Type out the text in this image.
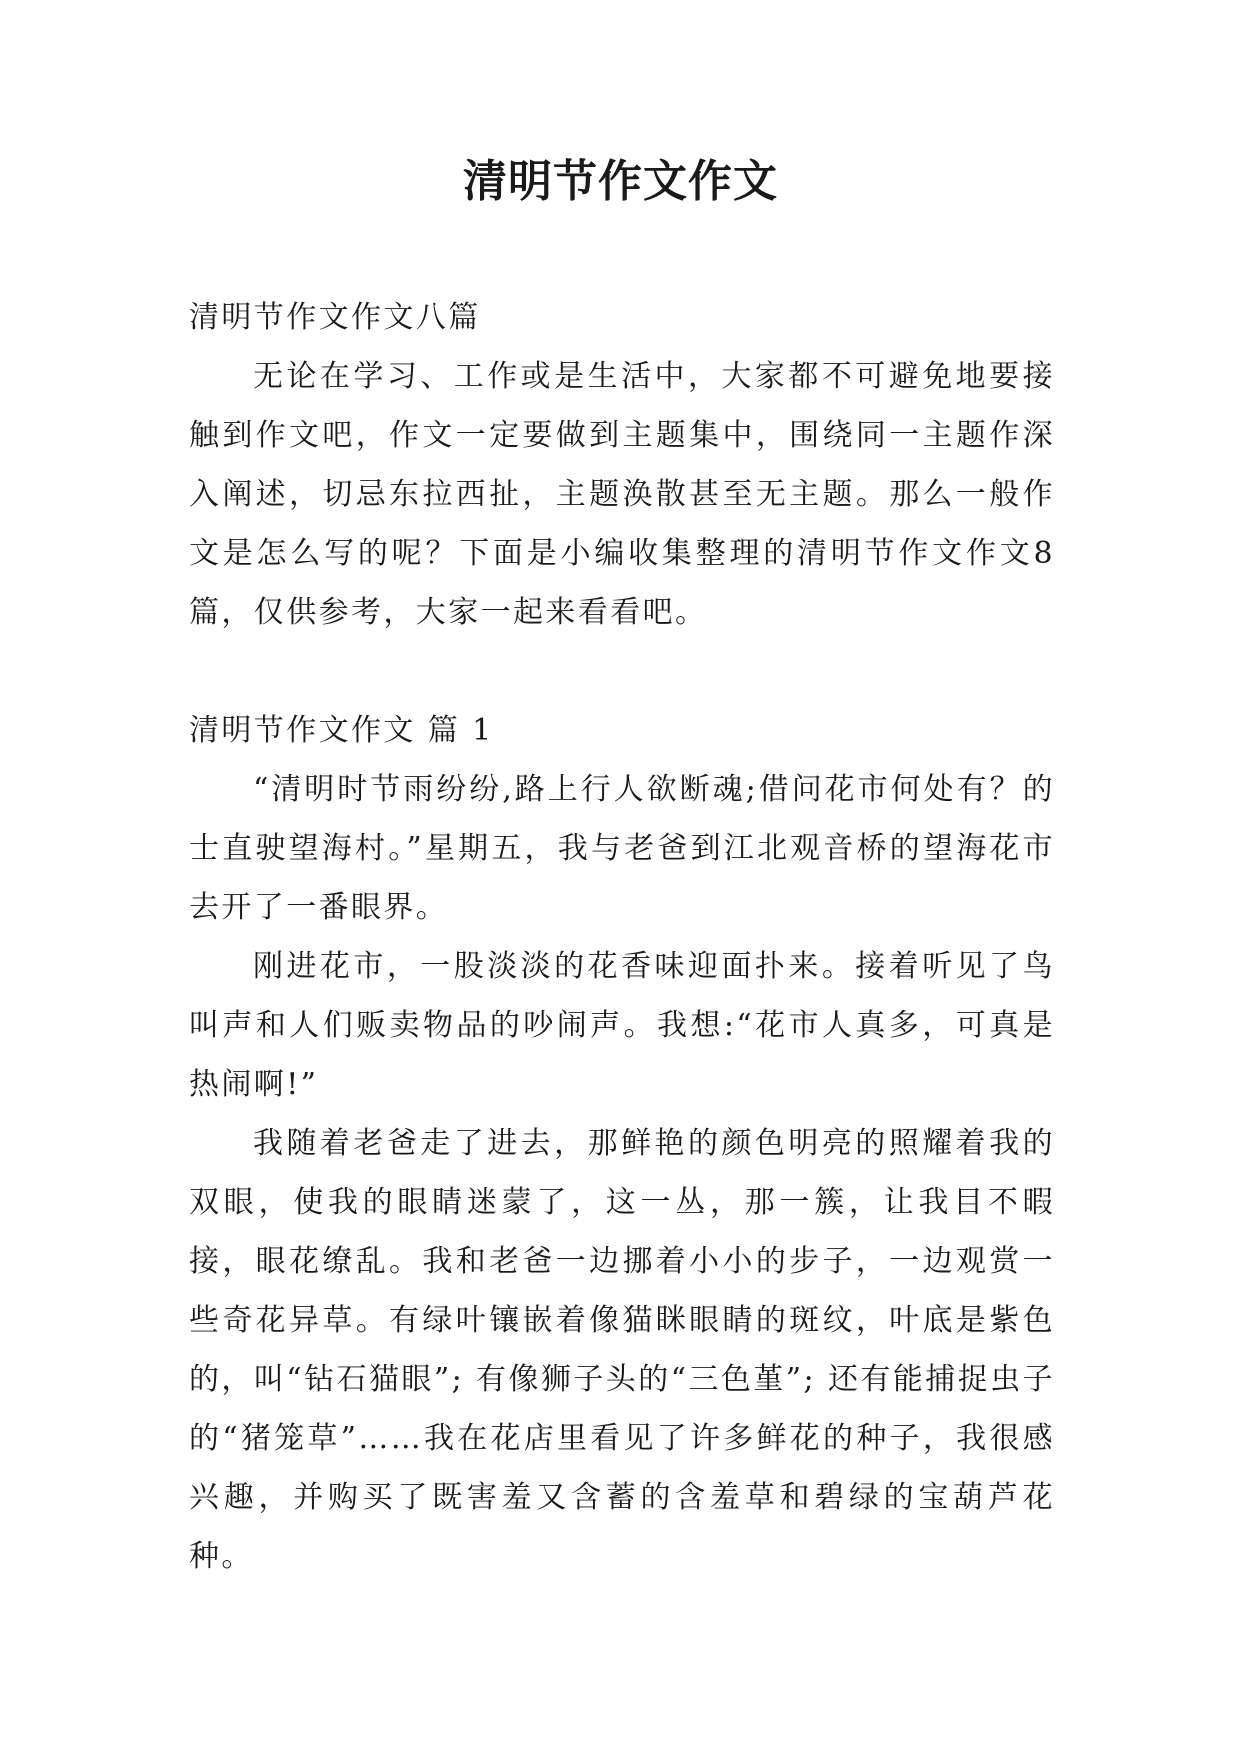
清明节作文作文

清明节作文作文八篇

无论在学习、工作或是生活中，大家都不可避免地要接触到作文吧，作文一定要做到主题集中，围绕同一主题作深入阐述，切忌东拉西扯，主题涣散甚至无主题。那么一般作文是怎么写的呢？下面是小编收集整理的清明节作文作文8篇，仅供参考，大家一起来看看吧。

清明节作文作文 篇 1

“清明时节雨纷纷,路上行人欲断魂;借问花市何处有？的士直驶望海村。”星期五，我与老爸到江北观音桥的望海花市去开了一番眼界。

刚进花市，一股淡淡的花香味迎面扑来。接着听见了鸟叫声和人们贩卖物品的吵闹声。我想:“花市人真多，可真是热闹啊!”

我随着老爸走了进去，那鲜艳的颜色明亮的照耀着我的双眼，使我的眼睛迷蒙了，这一丛，那一簇，让我目不暇接，眼花缭乱。我和老爸一边挪着小小的步子，一边观赏一些奇花异草。有绿叶镶嵌着像猫眯眼睛的斑纹，叶底是紫色的，叫“钻石猫眼”; 有像狮子头的“三色堇”; 还有能捕捉虫子的“猪笼草”……我在花店里看见了许多鲜花的种子，我很感兴趣，并购买了既害羞又含蓄的含羞草和碧绿的宝葫芦花种。
